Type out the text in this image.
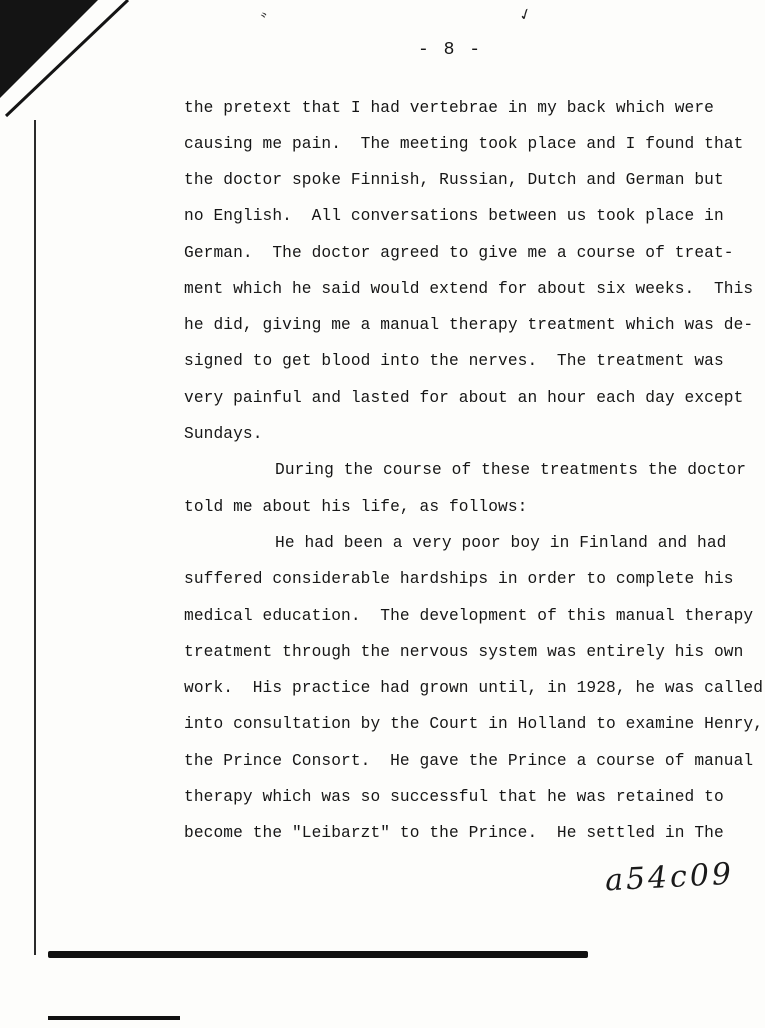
ﾞ	✓
- 8 -

the pretext that I had vertebrae in my back which were

causing me pain.  The meeting took place and I found that

the doctor spoke Finnish, Russian, Dutch and German but

no English.  All conversations between us took place in

German.  The doctor agreed to give me a course of treat-

ment which he said would extend for about six weeks.  This

he did, giving me a manual therapy treatment which was de-

signed to get blood into the nerves.  The treatment was

very painful and lasted for about an hour each day except

Sundays.

During the course of these treatments the doctor

told me about his life, as follows:

He had been a very poor boy in Finland and had

suffered considerable hardships in order to complete his

medical education.  The development of this manual therapy

treatment through the nervous system was entirely his own

work.  His practice had grown until, in 1928, he was called

into consultation by the Court in Holland to examine Henry,

the Prince Consort.  He gave the Prince a course of manual

therapy which was so successful that he was retained to

become the "Leibarzt" to the Prince.  He settled in The

a54c09
